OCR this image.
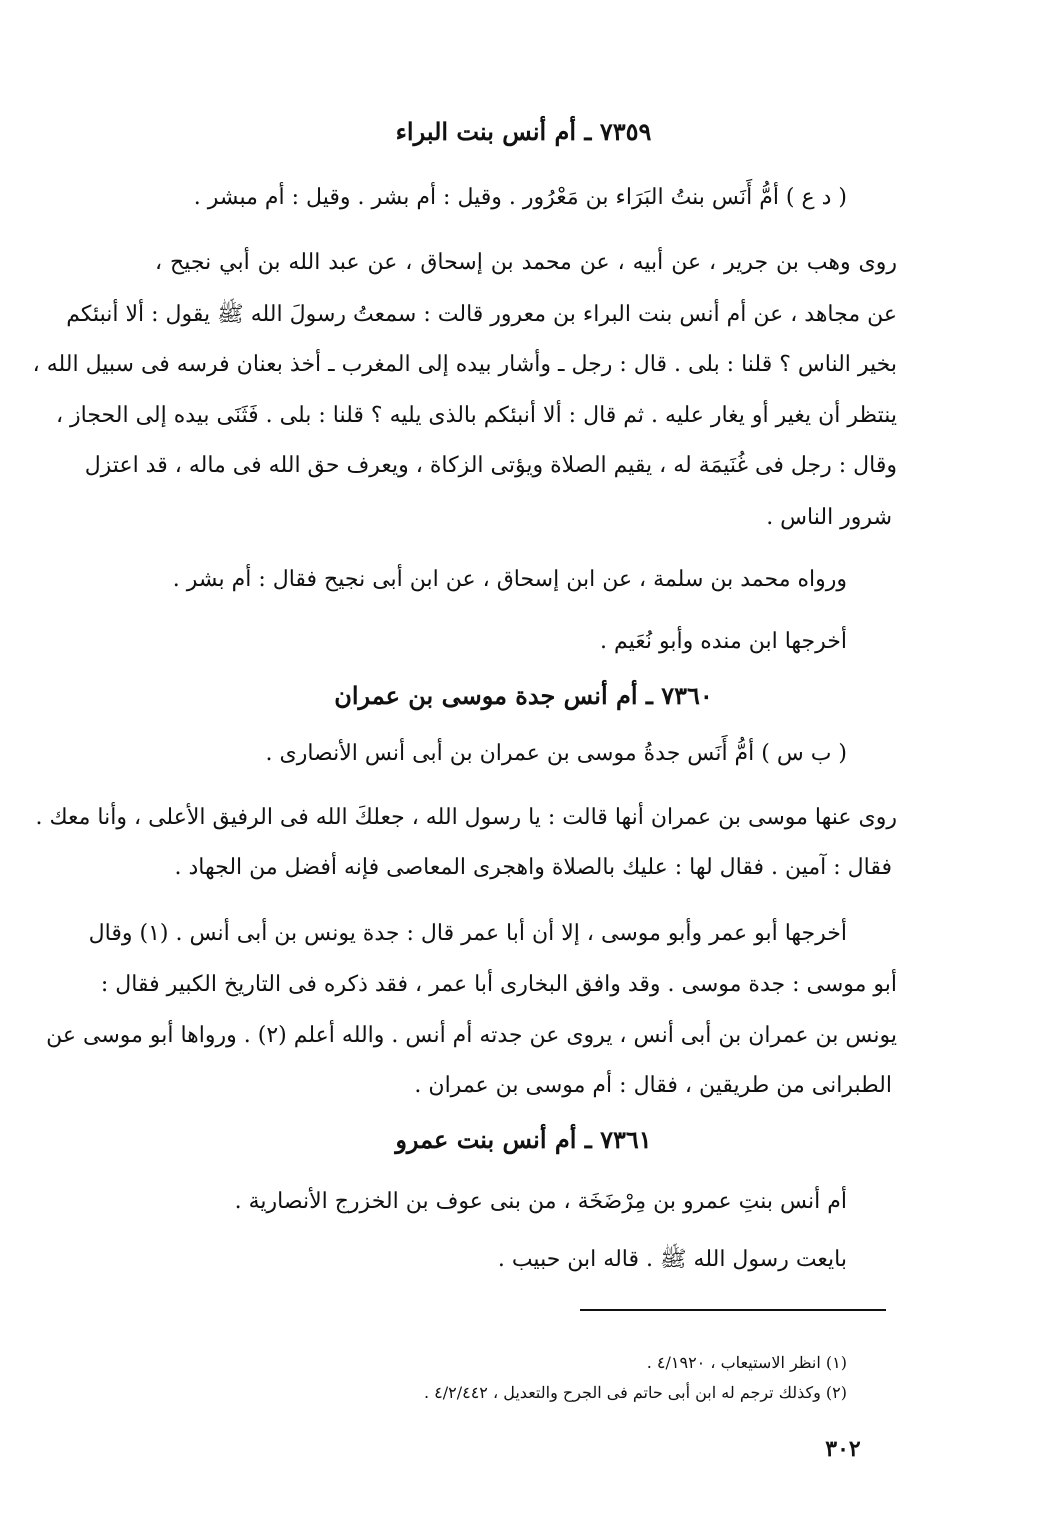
٧٣٥٩ ـ أم أنس بنت البراء
( د ع ) أمُّ أَنَس بنتُ البَرَاء بن مَعْرُور . وقيل : أم بشر . وقيل : أم مبشر .
روى وهب بن جرير ، عن أبيه ، عن محمد بن إسحاق ، عن عبد الله بن أبي نجيح ،
عن مجاهد ، عن أم أنس بنت البراء بن معرور قالت : سمعتُ رسولَ الله ﷺ يقول : ألا أنبئكم
بخير الناس ؟ قلنا : بلى . قال : رجل ـ وأشار بيده إلى المغرب ـ أخذ بعنان فرسه فى سبيل الله ،
ينتظر أن يغير أو يغار عليه . ثم قال : ألا أنبئكم بالذى يليه ؟ قلنا : بلى . فَثَنَى بيده إلى الحجاز ،
وقال : رجل فى غُنَيمَة له ، يقيم الصلاة ويؤتى الزكاة ، ويعرف حق الله فى ماله ، قد اعتزل
شرور الناس .
ورواه محمد بن سلمة ، عن ابن إسحاق ، عن ابن أبى نجيح فقال : أم بشر .
أخرجها ابن منده وأبو نُعَيم .
٧٣٦٠ ـ أم أنس جدة موسى بن عمران
( ب س ) أمُّ أَنَس جدةُ موسى بن عمران بن أبى أنس الأنصارى .
روى عنها موسى بن عمران أنها قالت : يا رسول الله ، جعلكَ الله فى الرفيق الأعلى ، وأنا معك .
فقال : آمين . فقال لها : عليك بالصلاة واهجرى المعاصى فإنه أفضل من الجهاد .
أخرجها أبو عمر وأبو موسى ، إلا أن أبا عمر قال : جدة يونس بن أبى أنس . (١) وقال
أبو موسى : جدة موسى . وقد وافق البخارى أبا عمر ، فقد ذكره فى التاريخ الكبير فقال :
يونس بن عمران بن أبى أنس ، يروى عن جدته أم أنس . والله أعلم (٢) . ورواها أبو موسى عن
الطبرانى من طريقين ، فقال : أم موسى بن عمران .
٧٣٦١ ـ أم أنس بنت عمرو
أم أنس بنتِ عمرو بن مِرْضَخَة ، من بنى عوف بن الخزرج الأنصارية .
بايعت رسول الله ﷺ . قاله ابن حبيب .
(١) انظر الاستيعاب ، ٤/١٩٢٠ .
(٢) وكذلك ترجم له ابن أبى حاتم فى الجرح والتعديل ، ٤/٢/٤٤٢ .
٣٠٢
